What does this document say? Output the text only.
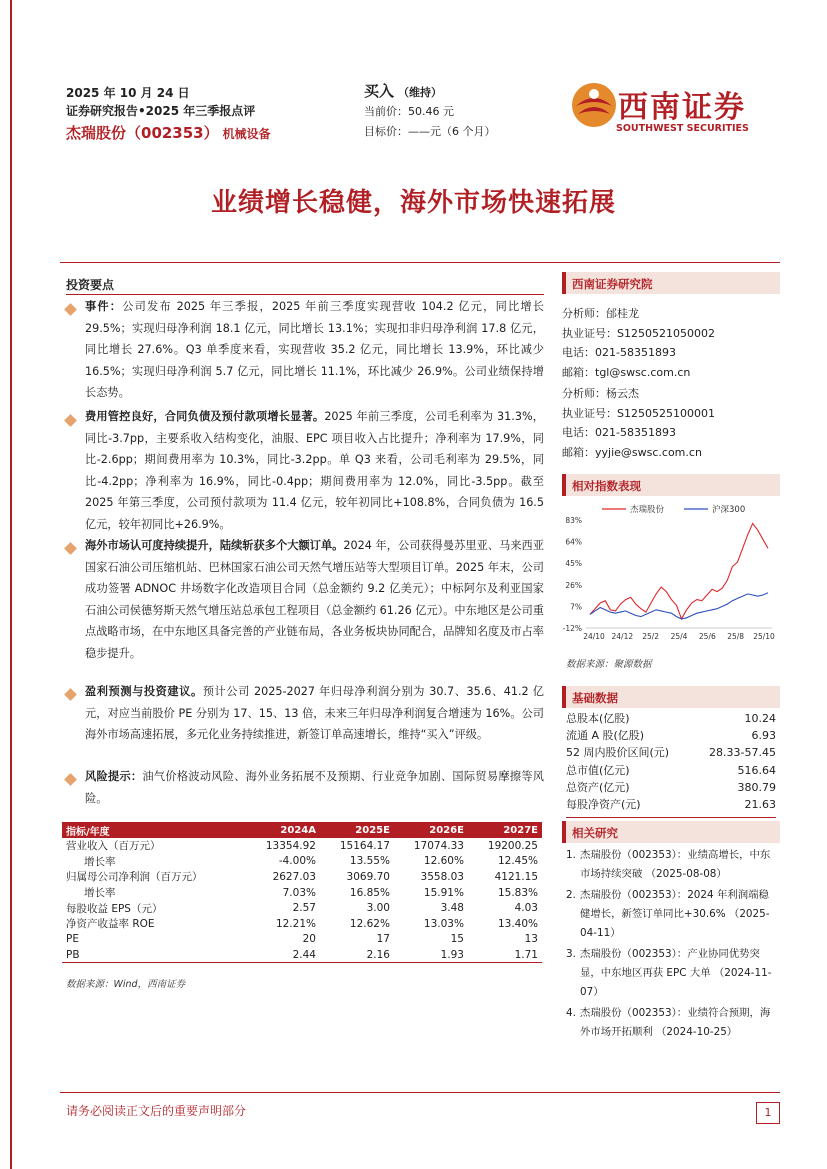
2025 年 10 月 24 日
证券研究报告•2025 年三季报点评
杰瑞股份（002353） 机械设备
买入 （维持）
当前价：50.46 元
目标价：——元（6 个月）
西南证券
SOUTHWEST SECURITIES
业绩增长稳健，海外市场快速拓展
投资要点
事件：公司发布 2025 年三季报，2025 年前三季度实现营收 104.2 亿元，同比增长 29.5%；实现归母净利润 18.1 亿元，同比增长 13.1%；实现扣非归母净利润 17.8 亿元，同比增长 27.6%。Q3 单季度来看，实现营收 35.2 亿元，同比增长 13.9%，环比减少 16.5%；实现归母净利润 5.7 亿元，同比增长 11.1%，环比减少 26.9%。公司业绩保持增长态势。
费用管控良好，合同负债及预付款项增长显著。2025 年前三季度，公司毛利率为 31.3%，同比-3.7pp，主要系收入结构变化，油服、EPC 项目收入占比提升；净利率为 17.9%，同比-2.6pp；期间费用率为 10.3%，同比-3.2pp。单 Q3 来看，公司毛利率为 29.5%，同比-4.2pp；净利率为 16.9%，同比-0.4pp；期间费用率为 12.0%，同比-3.5pp。截至 2025 年第三季度，公司预付款项为 11.4 亿元，较年初同比+108.8%，合同负债为 16.5 亿元，较年初同比+26.9%。
海外市场认可度持续提升，陆续斩获多个大额订单。2024 年，公司获得曼苏里亚、马来西亚国家石油公司压缩机站、巴林国家石油公司天然气增压站等大型项目订单。2025 年末，公司成功签署 ADNOC 井场数字化改造项目合同（总金额约 9.2 亿美元）；中标阿尔及利亚国家石油公司侯德努斯天然气增压站总承包工程项目（总金额约 61.26 亿元）。中东地区是公司重点战略市场，在中东地区具备完善的产业链布局，各业务板块协同配合，品牌知名度及市占率稳步提升。
盈利预测与投资建议。预计公司 2025-2027 年归母净利润分别为 30.7、35.6、41.2 亿元，对应当前股价 PE 分别为 17、15、13 倍，未来三年归母净利润复合增速为 16%。公司海外市场高速拓展，多元化业务持续推进，新签订单高速增长，维持“买入”评级。
风险提示：油气价格波动风险、海外业务拓展不及预期、行业竞争加剧、国际贸易摩擦等风险。
指标/年度	2024A	2025E	2026E	2027E
营业收入（百万元）	13354.92	15164.17	17074.33	19200.25
增长率	-4.00%	13.55%	12.60%	12.45%
归属母公司净利润（百万元）	2627.03	3069.70	3558.03	4121.15
增长率	7.03%	16.85%	15.91%	15.83%
每股收益 EPS（元）	2.57	3.00	3.48	4.03
净资产收益率 ROE	12.21%	12.62%	13.03%	13.40%
PE	20	17	15	13
PB	2.44	2.16	1.93	1.71
数据来源：Wind，西南证券
西南证券研究院
分析师：邰桂龙
执业证号：S1250521050002
电话：021-58351893
邮箱：tgl@swsc.com.cn
分析师：杨云杰
执业证号：S1250525100001
电话：021-58351893
邮箱：yyjie@swsc.com.cn
相对指数表现
杰瑞股份	沪深300
83%
64%
45%
26%
7%
-12%
24/10 24/12 25/2 25/4 25/6 25/8 25/10
数据来源：聚源数据
基础数据
总股本(亿股)	10.24
流通 A 股(亿股)	6.93
52 周内股价区间(元)	28.33-57.45
总市值(亿元)	516.64
总资产(亿元)	380.79
每股净资产(元)	21.63
相关研究
1. 杰瑞股份（002353）：业绩高增长，中东市场持续突破 （2025-08-08）
2. 杰瑞股份（002353）：2024 年利润端稳健增长，新签订单同比+30.6% （2025-04-11）
3. 杰瑞股份（002353）：产业协同优势突显，中东地区再获 EPC 大单 （2024-11-07）
4. 杰瑞股份（002353）：业绩符合预期，海外市场开拓顺利 （2024-10-25）
请务必阅读正文后的重要声明部分	1
